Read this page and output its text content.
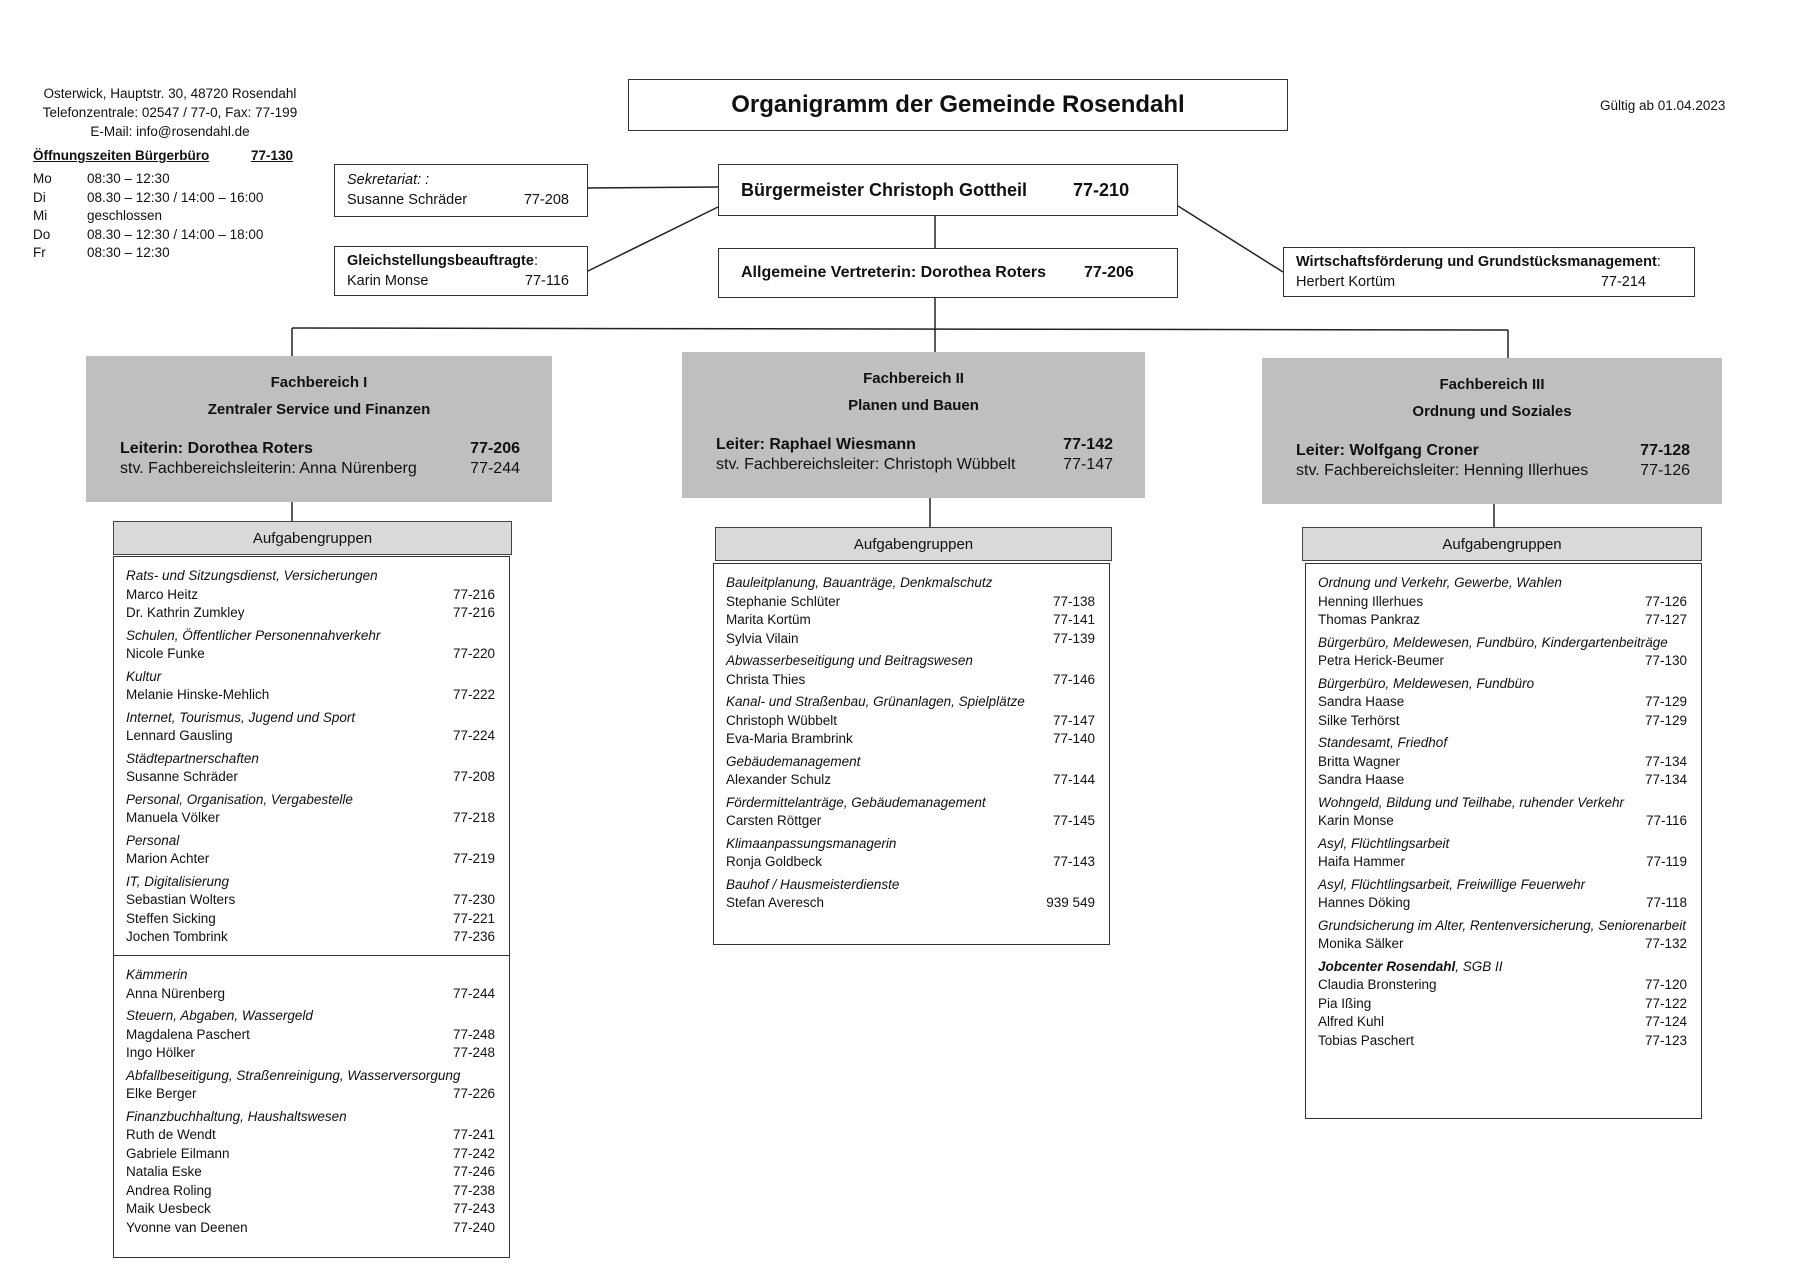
Osterwick, Hauptstr. 30, 48720 Rosendahl
Telefonzentrale: 02547 / 77-0, Fax: 77-199
E-Mail: info@rosendahl.de
Öffnungszeiten Bürgerbüro	77-130
Mo	08:30 – 12:30
Di	08.30 – 12:30 / 14:00 – 16:00
Mi	geschlossen
Do	08.30 – 12:30 / 14:00 – 18:00
Fr	08:30 – 12:30
Gültig ab 01.04.2023
Organigramm der Gemeinde Rosendahl
Sekretariat: :
Susanne Schräder	77-208
Gleichstellungsbeauftragte:
Karin Monse	77-116
Wirtschaftsförderung und Grundstücksmanagement:
Herbert Kortüm	77-214
Bürgermeister Christoph Gottheil	77-210
Allgemeine Vertreterin: Dorothea Roters 77-206
Fachbereich I
Zentraler Service und Finanzen
Leiterin: Dorothea Roters	77-206
stv. Fachbereichsleiterin: Anna Nürenberg	77-244
Aufgabengruppen
Rats- und Sitzungsdienst, Versicherungen
Marco Heitz	77-216
Dr. Kathrin Zumkley	77-216
Schulen, Öffentlicher Personennahverkehr
Nicole Funke	77-220
Kultur
Melanie Hinske-Mehlich	77-222
Internet, Tourismus, Jugend und Sport
Lennard Gausling	77-224
Städtepartnerschaften
Susanne Schräder	77-208
Personal, Organisation, Vergabestelle
Manuela Völker	77-218
Personal
Marion Achter	77-219
IT, Digitalisierung
Sebastian Wolters	77-230
Steffen Sicking	77-221
Jochen Tombrink	77-236
Kämmerin
Anna Nürenberg	77-244
Steuern, Abgaben, Wassergeld
Magdalena Paschert	77-248
Ingo Hölker	77-248
Abfallbeseitigung, Straßenreinigung, Wasserversorgung
Elke Berger	77-226
Finanzbuchhaltung, Haushaltswesen
Ruth de Wendt	77-241
Gabriele Eilmann	77-242
Natalia Eske	77-246
Andrea Roling	77-238
Maik Uesbeck	77-243
Yvonne van Deenen	77-240
Fachbereich II
Planen und Bauen
Leiter: Raphael Wiesmann	77-142
stv. Fachbereichsleiter: Christoph Wübbelt	77-147
Aufgabengruppen
Bauleitplanung, Bauanträge, Denkmalschutz
Stephanie Schlüter	77-138
Marita Kortüm	77-141
Sylvia Vilain	77-139
Abwasserbeseitigung und Beitragswesen
Christa Thies	77-146
Kanal- und Straßenbau, Grünanlagen, Spielplätze
Christoph Wübbelt	77-147
Eva-Maria Brambrink	77-140
Gebäudemanagement
Alexander Schulz	77-144
Fördermittelanträge, Gebäudemanagement
Carsten Röttger	77-145
Klimaanpassungsmanagerin
Ronja Goldbeck	77-143
Bauhof / Hausmeisterdienste
Stefan Averesch	939 549
Fachbereich III
Ordnung und Soziales
Leiter: Wolfgang Croner	77-128
stv. Fachbereichsleiter: Henning Illerhues	77-126
Aufgabengruppen
Ordnung und Verkehr, Gewerbe, Wahlen
Henning Illerhues	77-126
Thomas Pankraz	77-127
Bürgerbüro, Meldewesen, Fundbüro, Kindergartenbeiträge
Petra Herick-Beumer	77-130
Bürgerbüro, Meldewesen, Fundbüro
Sandra Haase	77-129
Silke Terhörst	77-129
Standesamt, Friedhof
Britta Wagner	77-134
Sandra Haase	77-134
Wohngeld, Bildung und Teilhabe, ruhender Verkehr
Karin Monse	77-116
Asyl, Flüchtlingsarbeit
Haifa Hammer	77-119
Asyl, Flüchtlingsarbeit, Freiwillige Feuerwehr
Hannes Döking	77-118
Grundsicherung im Alter, Rentenversicherung, Seniorenarbeit
Monika Sälker	77-132
Jobcenter Rosendahl, SGB II
Claudia Bronstering	77-120
Pia Ißing	77-122
Alfred Kuhl	77-124
Tobias Paschert	77-123
